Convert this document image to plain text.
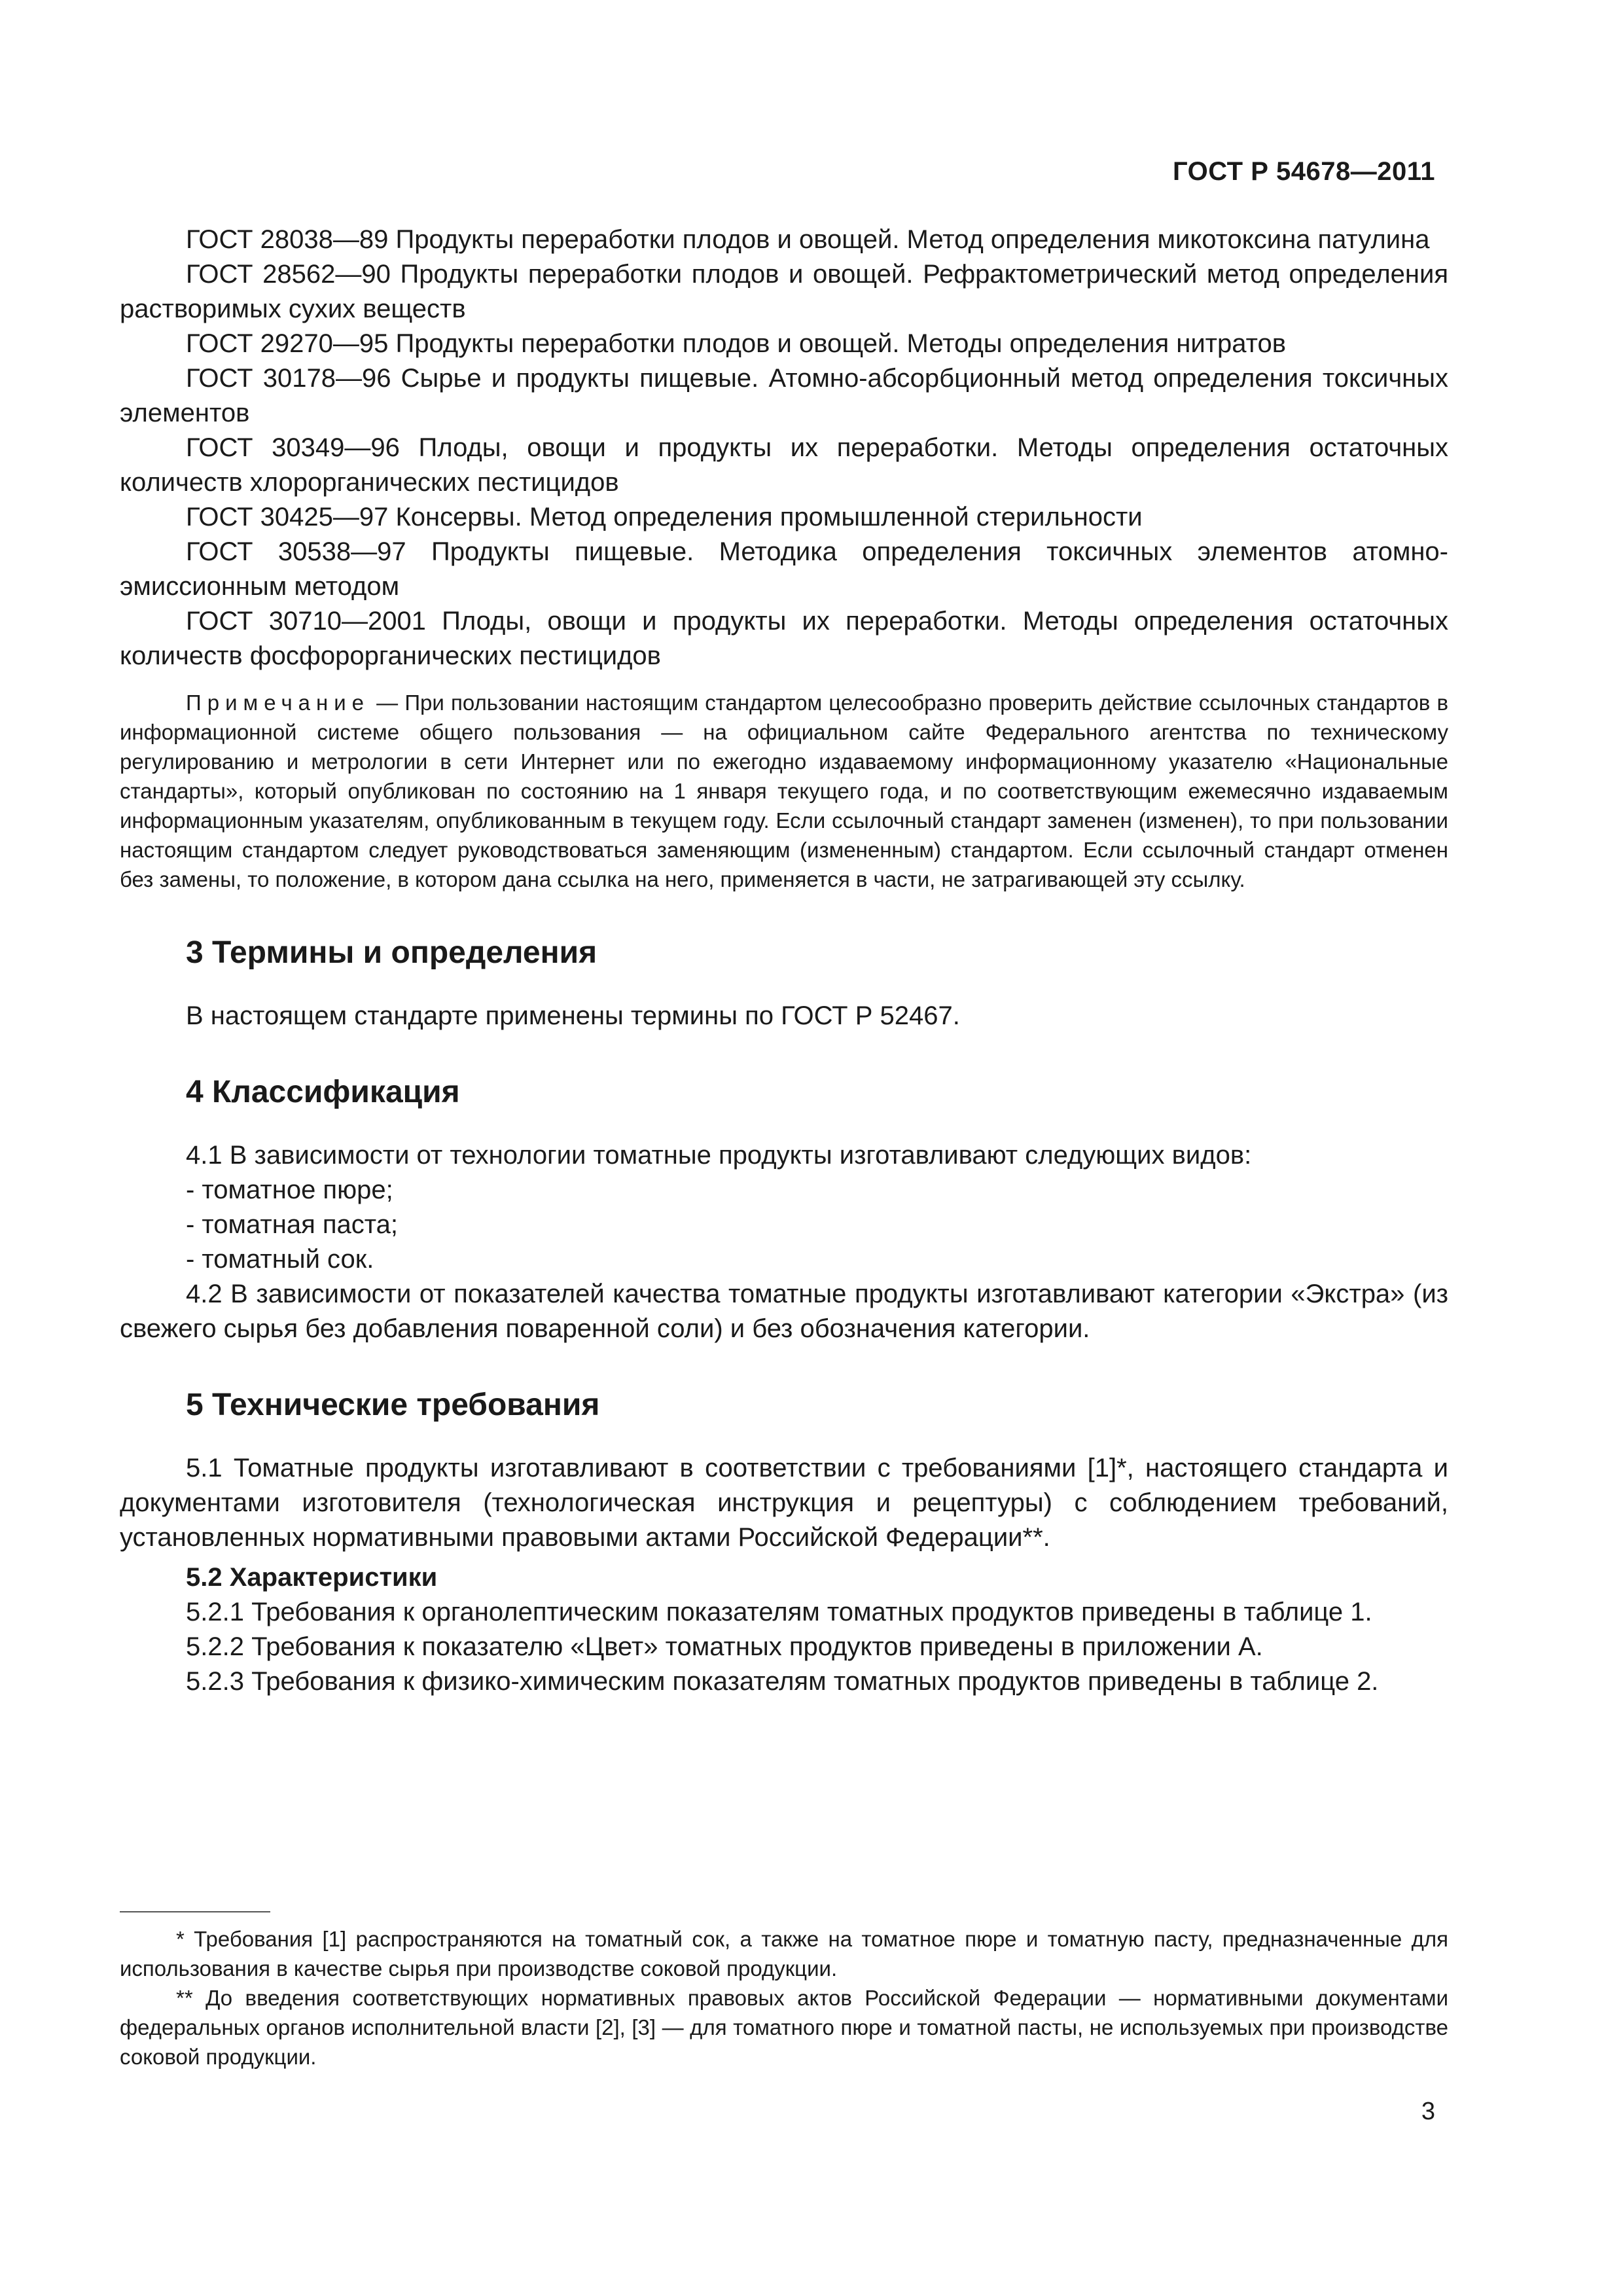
ГОСТ Р 54678—2011

ГОСТ 28038—89 Продукты переработки плодов и овощей. Метод определения микотоксина патулина

ГОСТ 28562—90 Продукты переработки плодов и овощей. Рефрактометрический метод определения растворимых сухих веществ

ГОСТ 29270—95 Продукты переработки плодов и овощей. Методы определения нитратов

ГОСТ 30178—96 Сырье и продукты пищевые. Атомно-абсорбционный метод определения токсичных элементов

ГОСТ 30349—96 Плоды, овощи и продукты их переработки. Методы определения остаточных количеств хлорорганических пестицидов

ГОСТ 30425—97 Консервы. Метод определения промышленной стерильности

ГОСТ 30538—97 Продукты пищевые. Методика определения токсичных элементов атомно-эмиссионным методом

ГОСТ 30710—2001 Плоды, овощи и продукты их переработки. Методы определения остаточных количеств фосфорорганических пестицидов

Примечание — При пользовании настоящим стандартом целесообразно проверить действие ссылочных стандартов в информационной системе общего пользования — на официальном сайте Федерального агентства по техническому регулированию и метрологии в сети Интернет или по ежегодно издаваемому информационному указателю «Национальные стандарты», который опубликован по состоянию на 1 января текущего года, и по соответствующим ежемесячно издаваемым информационным указателям, опубликованным в текущем году. Если ссылочный стандарт заменен (изменен), то при пользовании настоящим стандартом следует руководствоваться заменяющим (измененным) стандартом. Если ссылочный стандарт отменен без замены, то положение, в котором дана ссылка на него, применяется в части, не затрагивающей эту ссылку.

3 Термины и определения

В настоящем стандарте применены термины по ГОСТ Р 52467.

4 Классификация

4.1 В зависимости от технологии томатные продукты изготавливают следующих видов:

- томатное пюре;

- томатная паста;

- томатный сок.

4.2 В зависимости от показателей качества томатные продукты изготавливают категории «Экстра» (из свежего сырья без добавления поваренной соли) и без обозначения категории.

5 Технические требования

5.1 Томатные продукты изготавливают в соответствии с требованиями [1]*, настоящего стандарта и документами изготовителя (технологическая инструкция и рецептуры) с соблюдением требований, установленных нормативными правовыми актами Российской Федерации**.

5.2 Характеристики

5.2.1 Требования к органолептическим показателям томатных продуктов приведены в таблице 1.

5.2.2 Требования к показателю «Цвет» томатных продуктов приведены в приложении А.

5.2.3 Требования к физико-химическим показателям томатных продуктов приведены в таблице 2.

* Требования [1] распространяются на томатный сок, а также на томатное пюре и томатную пасту, предназначенные для использования в качестве сырья при производстве соковой продукции.

** До введения соответствующих нормативных правовых актов Российской Федерации — нормативными документами федеральных органов исполнительной власти [2], [3] — для томатного пюре и томатной пасты, не используемых при производстве соковой продукции.

3
